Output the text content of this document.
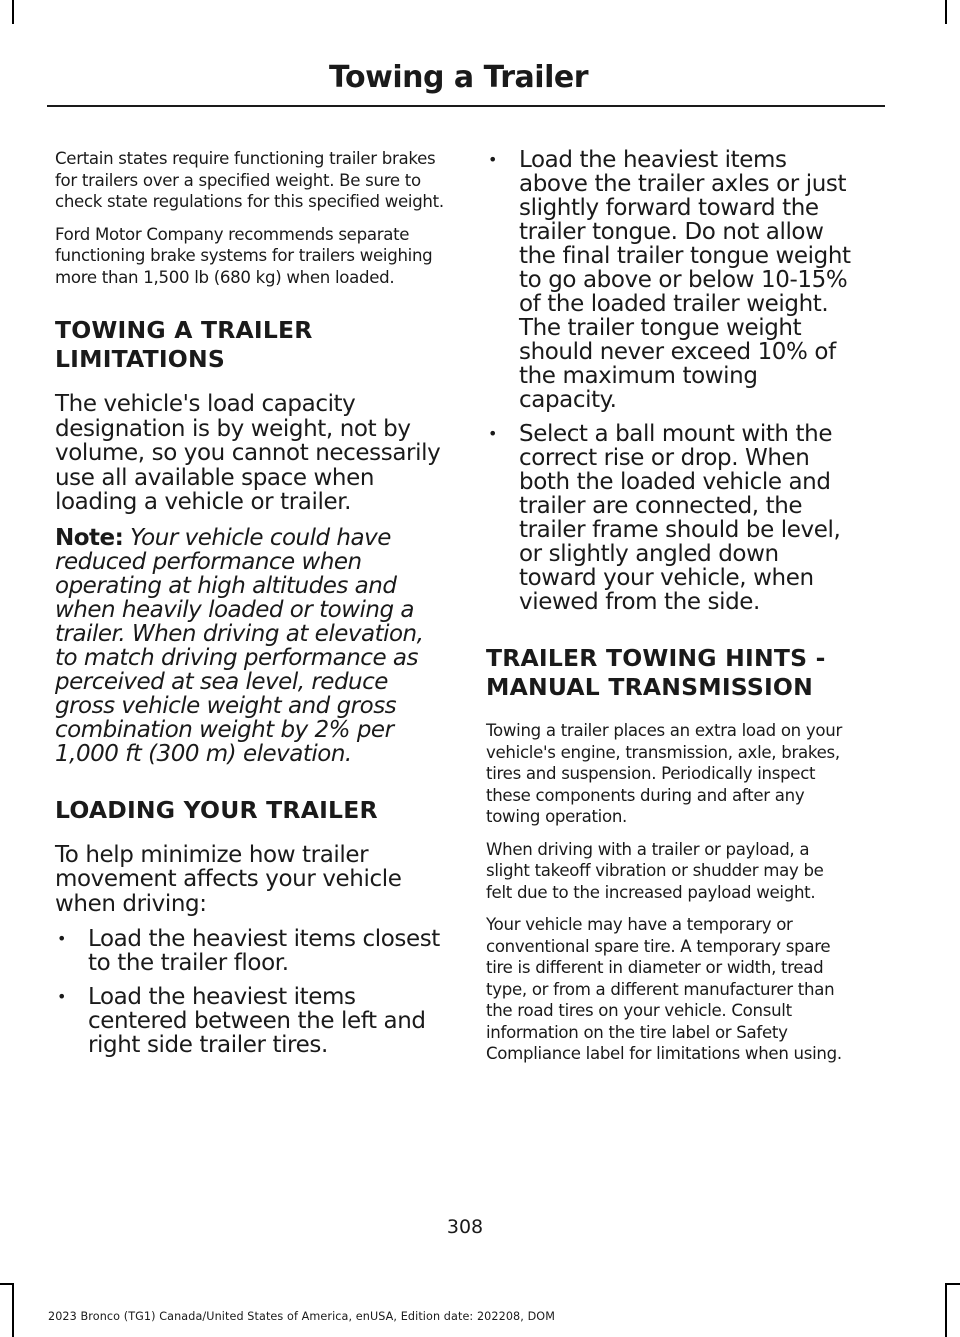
Towing a Trailer

Certain states require functioning trailer brakes for trailers over a specified weight. Be sure to check state regulations for this specified weight.

Ford Motor Company recommends separate functioning brake systems for trailers weighing more than 1,500 lb (680 kg) when loaded.

TOWING A TRAILER LIMITATIONS

The vehicle's load capacity designation is by weight, not by volume, so you cannot necessarily use all available space when loading a vehicle or trailer.

Note: Your vehicle could have reduced performance when operating at high altitudes and when heavily loaded or towing a trailer. When driving at elevation, to match driving performance as perceived at sea level, reduce gross vehicle weight and gross combination weight by 2% per 1,000 ft (300 m) elevation.

LOADING YOUR TRAILER

To help minimize how trailer movement affects your vehicle when driving:

• Load the heaviest items closest to the trailer floor.
• Load the heaviest items centered between the left and right side trailer tires.
• Load the heaviest items above the trailer axles or just slightly forward toward the trailer tongue. Do not allow the final trailer tongue weight to go above or below 10-15% of the loaded trailer weight. The trailer tongue weight should never exceed 10% of the maximum towing capacity.
• Select a ball mount with the correct rise or drop. When both the loaded vehicle and trailer are connected, the trailer frame should be level, or slightly angled down toward your vehicle, when viewed from the side.
TRAILER TOWING HINTS - MANUAL TRANSMISSION

Towing a trailer places an extra load on your vehicle's engine, transmission, axle, brakes, tires and suspension. Periodically inspect these components during and after any towing operation.

When driving with a trailer or payload, a slight takeoff vibration or shudder may be felt due to the increased payload weight.

Your vehicle may have a temporary or conventional spare tire. A temporary spare tire is different in diameter or width, tread type, or from a different manufacturer than the road tires on your vehicle. Consult information on the tire label or Safety Compliance label for limitations when using.

308
2023 Bronco (TG1) Canada/United States of America, enUSA, Edition date: 202208, DOM
